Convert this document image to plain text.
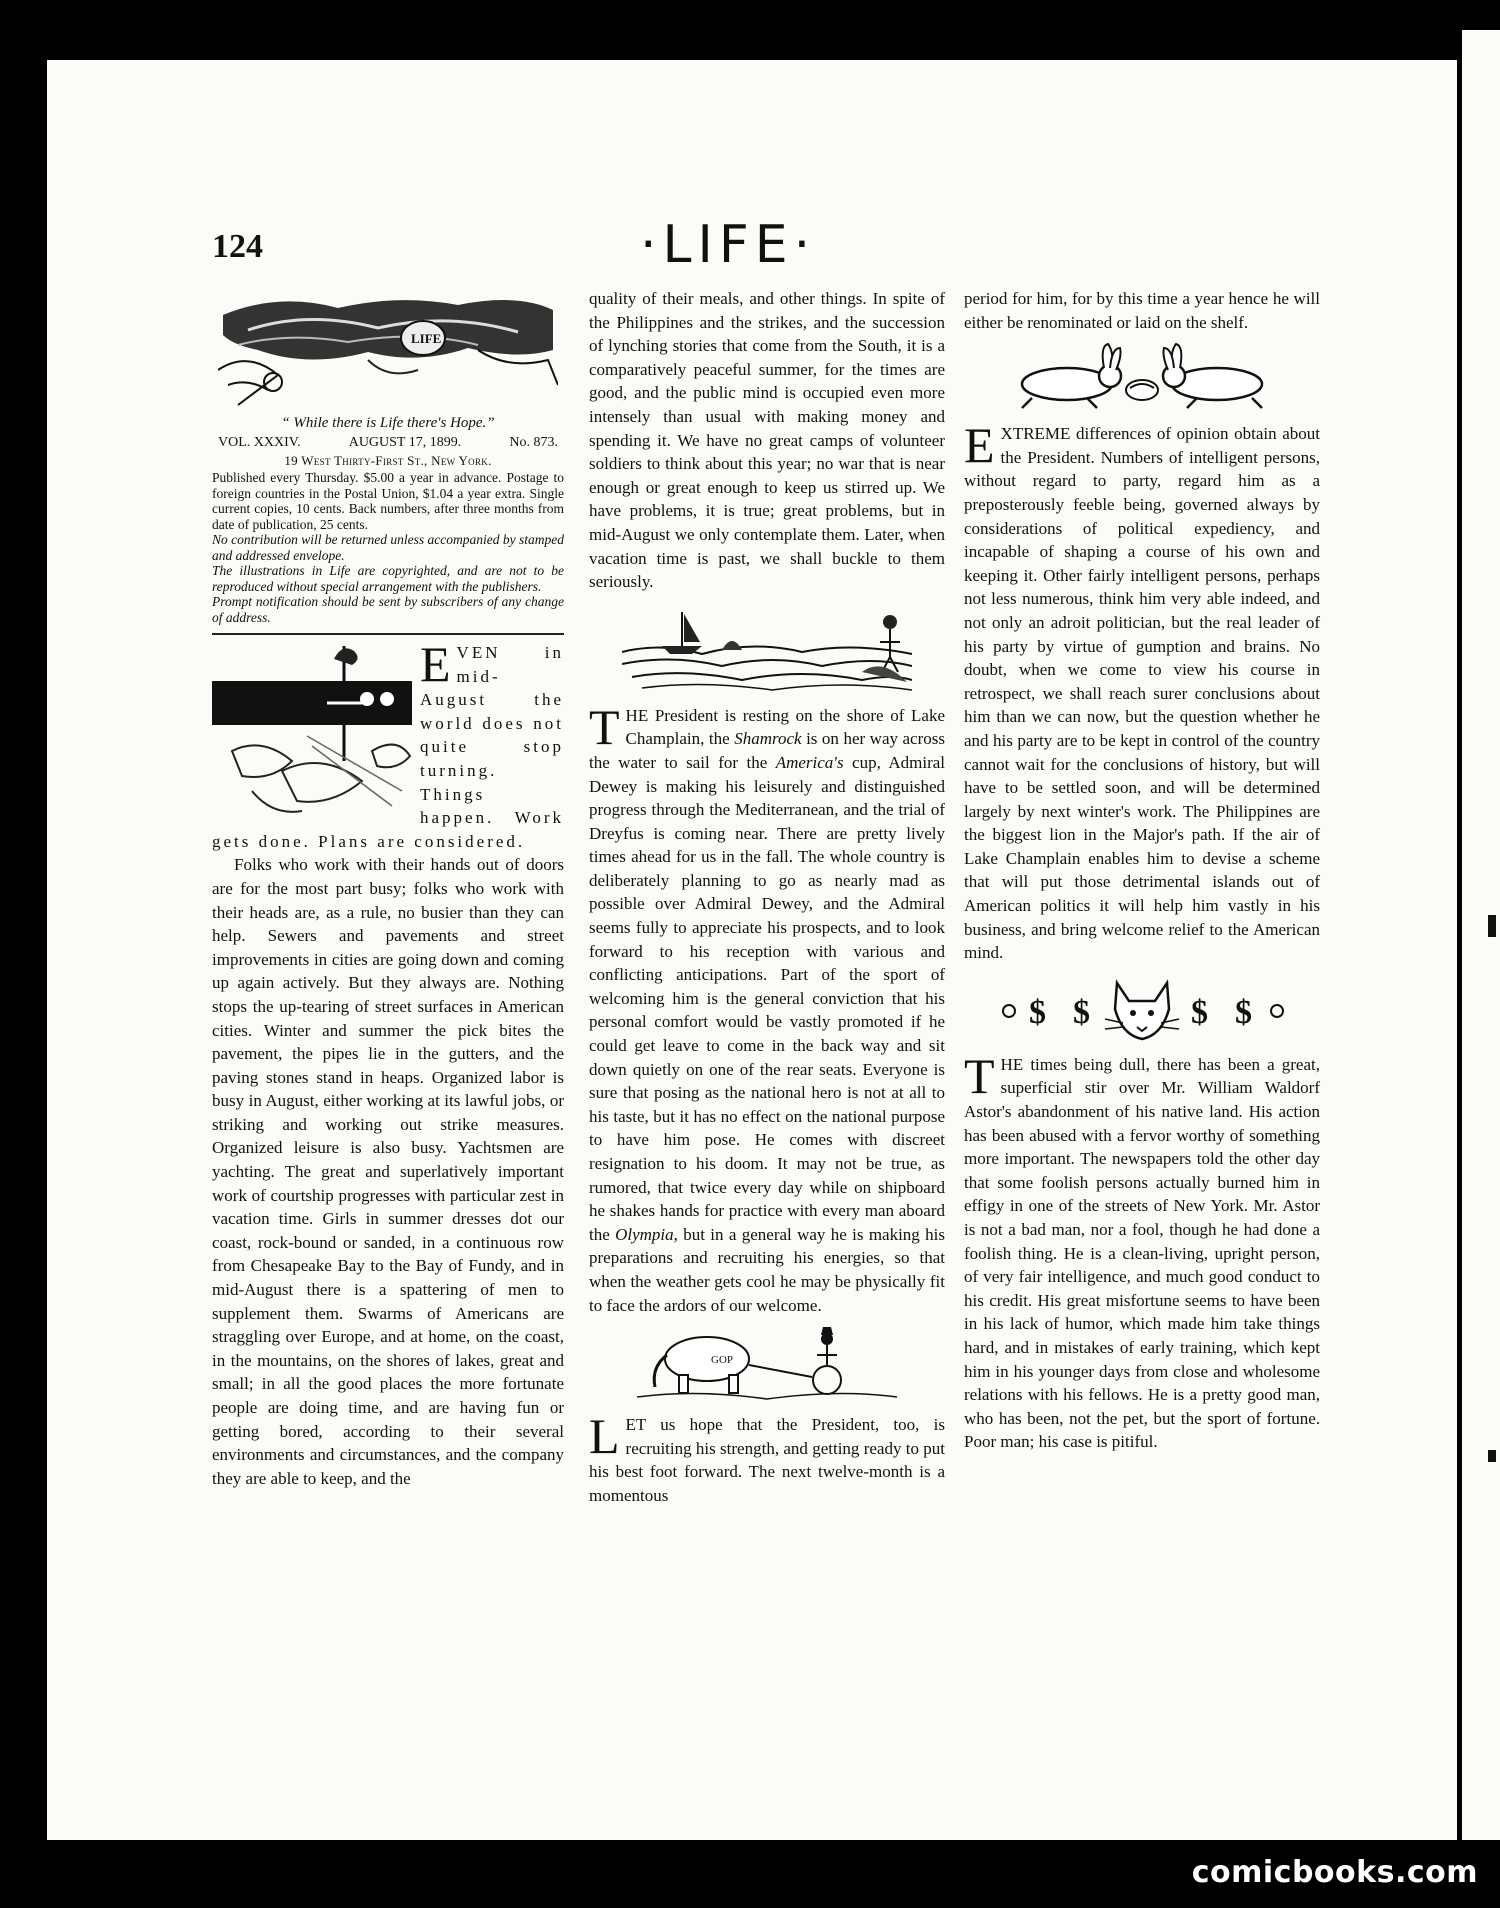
124	·LIFE·
LIFE
“ While there is Life there's Hope.”
VOL. XXXIV.	AUGUST 17, 1899.	No. 873.
19 West Thirty-First St., New York.

Published every Thursday. $5.00 a year in advance. Postage to foreign countries in the Postal Union, $1.04 a year extra. Single current copies, 10 cents. Back numbers, after three months from date of publication, 25 cents.

No contribution will be returned unless accompanied by stamped and addressed envelope.

The illustrations in Life are copyrighted, and are not to be reproduced without special arrangement with the publishers.

Prompt notification should be sent by subscribers of any change of address.

EVEN in mid-August the world does not quite stop turning. Things happen. Work gets done. Plans are considered.

Folks who work with their hands out of doors are for the most part busy; folks who work with their heads are, as a rule, no busier than they can help. Sewers and pavements and street improvements in cities are going down and coming up again actively. But they always are. Nothing stops the up-tearing of street surfaces in American cities. Winter and summer the pick bites the pavement, the pipes lie in the gutters, and the paving stones stand in heaps. Organized labor is busy in August, either working at its lawful jobs, or striking and working out strike measures. Organized leisure is also busy. Yachtsmen are yachting. The great and superlatively important work of courtship progresses with particular zest in vacation time. Girls in summer dresses dot our coast, rock-bound or sanded, in a continuous row from Chesapeake Bay to the Bay of Fundy, and in mid-August there is a spattering of men to supplement them. Swarms of Americans are straggling over Europe, and at home, on the coast, in the mountains, on the shores of lakes, great and small; in all the good places the more fortunate people are doing time, and are having fun or getting bored, according to their several environments and circumstances, and the company they are able to keep, and the

quality of their meals, and other things. In spite of the Philippines and the strikes, and the succession of lynching stories that come from the South, it is a comparatively peaceful summer, for the times are good, and the public mind is occupied even more intensely than usual with making money and spending it. We have no great camps of volunteer soldiers to think about this year; no war that is near enough or great enough to keep us stirred up. We have problems, it is true; great problems, but in mid-August we only contemplate them. Later, when vacation time is past, we shall buckle to them seriously.

THE President is resting on the shore of Lake Champlain, the Shamrock is on her way across the water to sail for the America's cup, Admiral Dewey is making his leisurely and distinguished progress through the Mediterranean, and the trial of Dreyfus is coming near. There are pretty lively times ahead for us in the fall. The whole country is deliberately planning to go as nearly mad as possible over Admiral Dewey, and the Admiral seems fully to appreciate his prospects, and to look forward to his reception with various and conflicting anticipations. Part of the sport of welcoming him is the general conviction that his personal comfort would be vastly promoted if he could get leave to come in the back way and sit down quietly on one of the rear seats. Everyone is sure that posing as the national hero is not at all to his taste, but it has no effect on the national purpose to have him pose. He comes with discreet resignation to his doom. It may not be true, as rumored, that twice every day while on shipboard he shakes hands for practice with every man aboard the Olympia, but in a general way he is making his preparations and recruiting his energies, so that when the weather gets cool he may be physically fit to face the ardors of our welcome.

GOP

LET us hope that the President, too, is recruiting his strength, and getting ready to put his best foot forward. The next twelve-month is a momentous

period for him, for by this time a year hence he will either be renominated or laid on the shelf.

EXTREME differences of opinion obtain about the President. Numbers of intelligent persons, without regard to party, regard him as a preposterously feeble being, governed always by considerations of political expediency, and incapable of shaping a course of his own and keeping it. Other fairly intelligent persons, perhaps not less numerous, think him very able indeed, and not only an adroit politician, but the real leader of his party by virtue of gumption and brains. No doubt, when we come to view his course in retrospect, we shall reach surer conclusions about him than we can now, but the question whether he and his party are to be kept in control of the country cannot wait for the conclusions of history, but will have to be settled soon, and will be determined largely by next winter's work. The Philippines are the biggest lion in the Major's path. If the air of Lake Champlain enables him to devise a scheme that will put those detrimental islands out of American politics it will help him vastly in his business, and bring welcome relief to the American mind.

$ $	$ $

THE times being dull, there has been a great, superficial stir over Mr. William Waldorf Astor's abandonment of his native land. His action has been abused with a fervor worthy of something more important. The newspapers told the other day that some foolish persons actually burned him in effigy in one of the streets of New York. Mr. Astor is not a bad man, nor a fool, though he had done a foolish thing. He is a clean-living, upright person, of very fair intelligence, and much good conduct to his credit. His great misfortune seems to have been in his lack of humor, which made him take things hard, and in mistakes of early training, which kept him in his younger days from close and wholesome relations with his fellows. He is a pretty good man, who has been, not the pet, but the sport of fortune. Poor man; his case is pitiful.

comicbooks.com
